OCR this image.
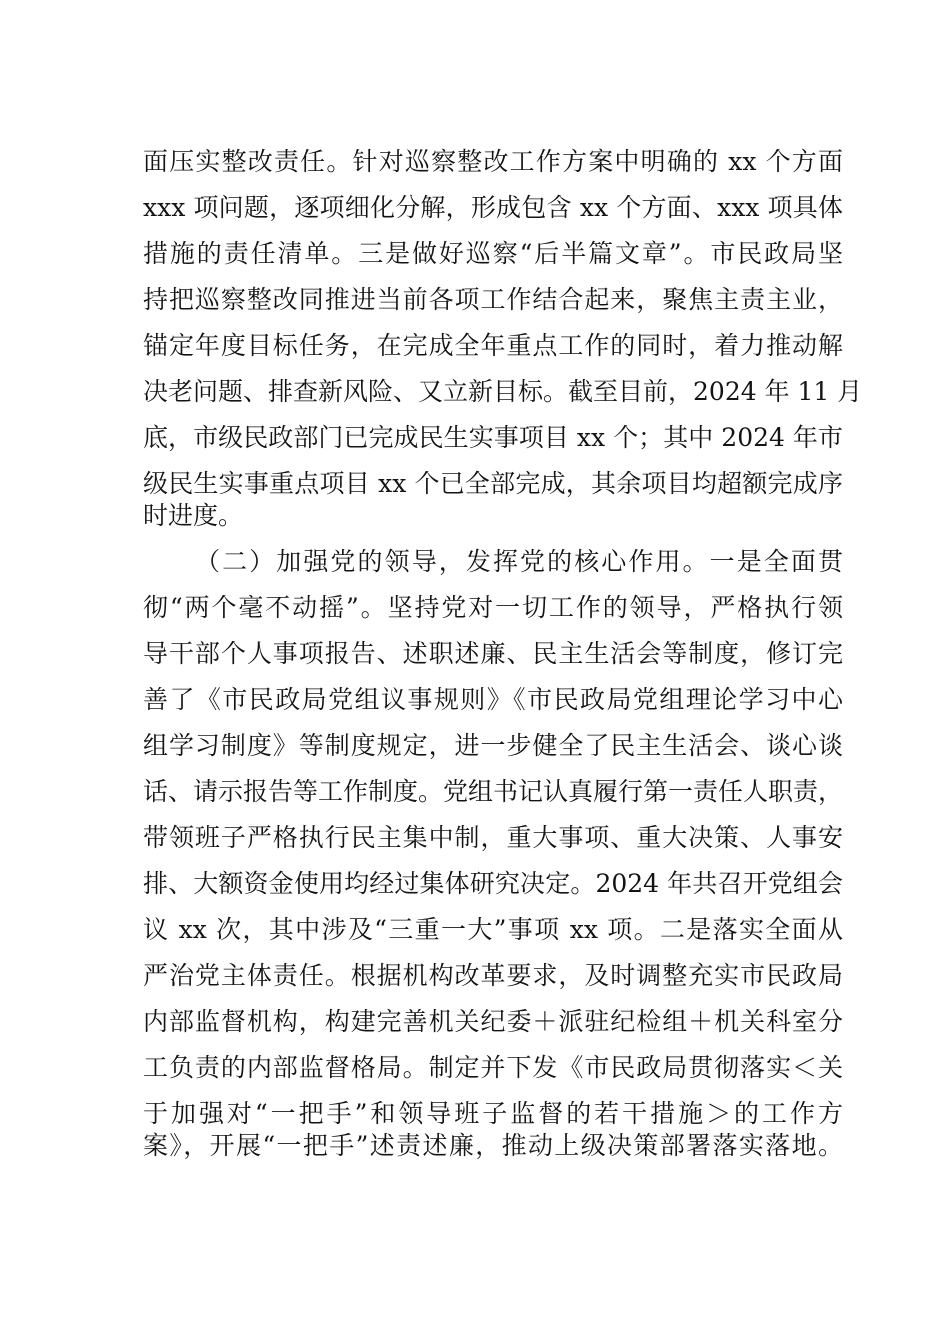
面压实整改责任。针对巡察整改工作方案中明确的 xx 个方面
xxx 项问题，逐项细化分解，形成包含 xx 个方面、xxx 项具体
措施的责任清单。三是做好巡察“后半篇文章”。市民政局坚
持把巡察整改同推进当前各项工作结合起来，聚焦主责主业，
锚定年度目标任务，在完成全年重点工作的同时，着力推动解
决老问题、排查新风险、又立新目标。截至目前，2024 年 11 月
底，市级民政部门已完成民生实事项目 xx 个；其中 2024 年市
级民生实事重点项目 xx 个已全部完成，其余项目均超额完成序
时进度。
（二）加强党的领导，发挥党的核心作用。一是全面贯
彻“两个毫不动摇”。坚持党对一切工作的领导，严格执行领
导干部个人事项报告、述职述廉、民主生活会等制度，修订完
善了《市民政局党组议事规则》《市民政局党组理论学习中心
组学习制度》等制度规定，进一步健全了民主生活会、谈心谈
话、请示报告等工作制度。党组书记认真履行第一责任人职责，
带领班子严格执行民主集中制，重大事项、重大决策、人事安
排、大额资金使用均经过集体研究决定。2024 年共召开党组会
议 xx 次，其中涉及“三重一大”事项 xx 项。二是落实全面从
严治党主体责任。根据机构改革要求，及时调整充实市民政局
内部监督机构，构建完善机关纪委＋派驻纪检组＋机关科室分
工负责的内部监督格局。制定并下发《市民政局贯彻落实＜关
于加强对“一把手”和领导班子监督的若干措施＞的工作方
案》，开展“一把手”述责述廉，推动上级决策部署落实落地。
